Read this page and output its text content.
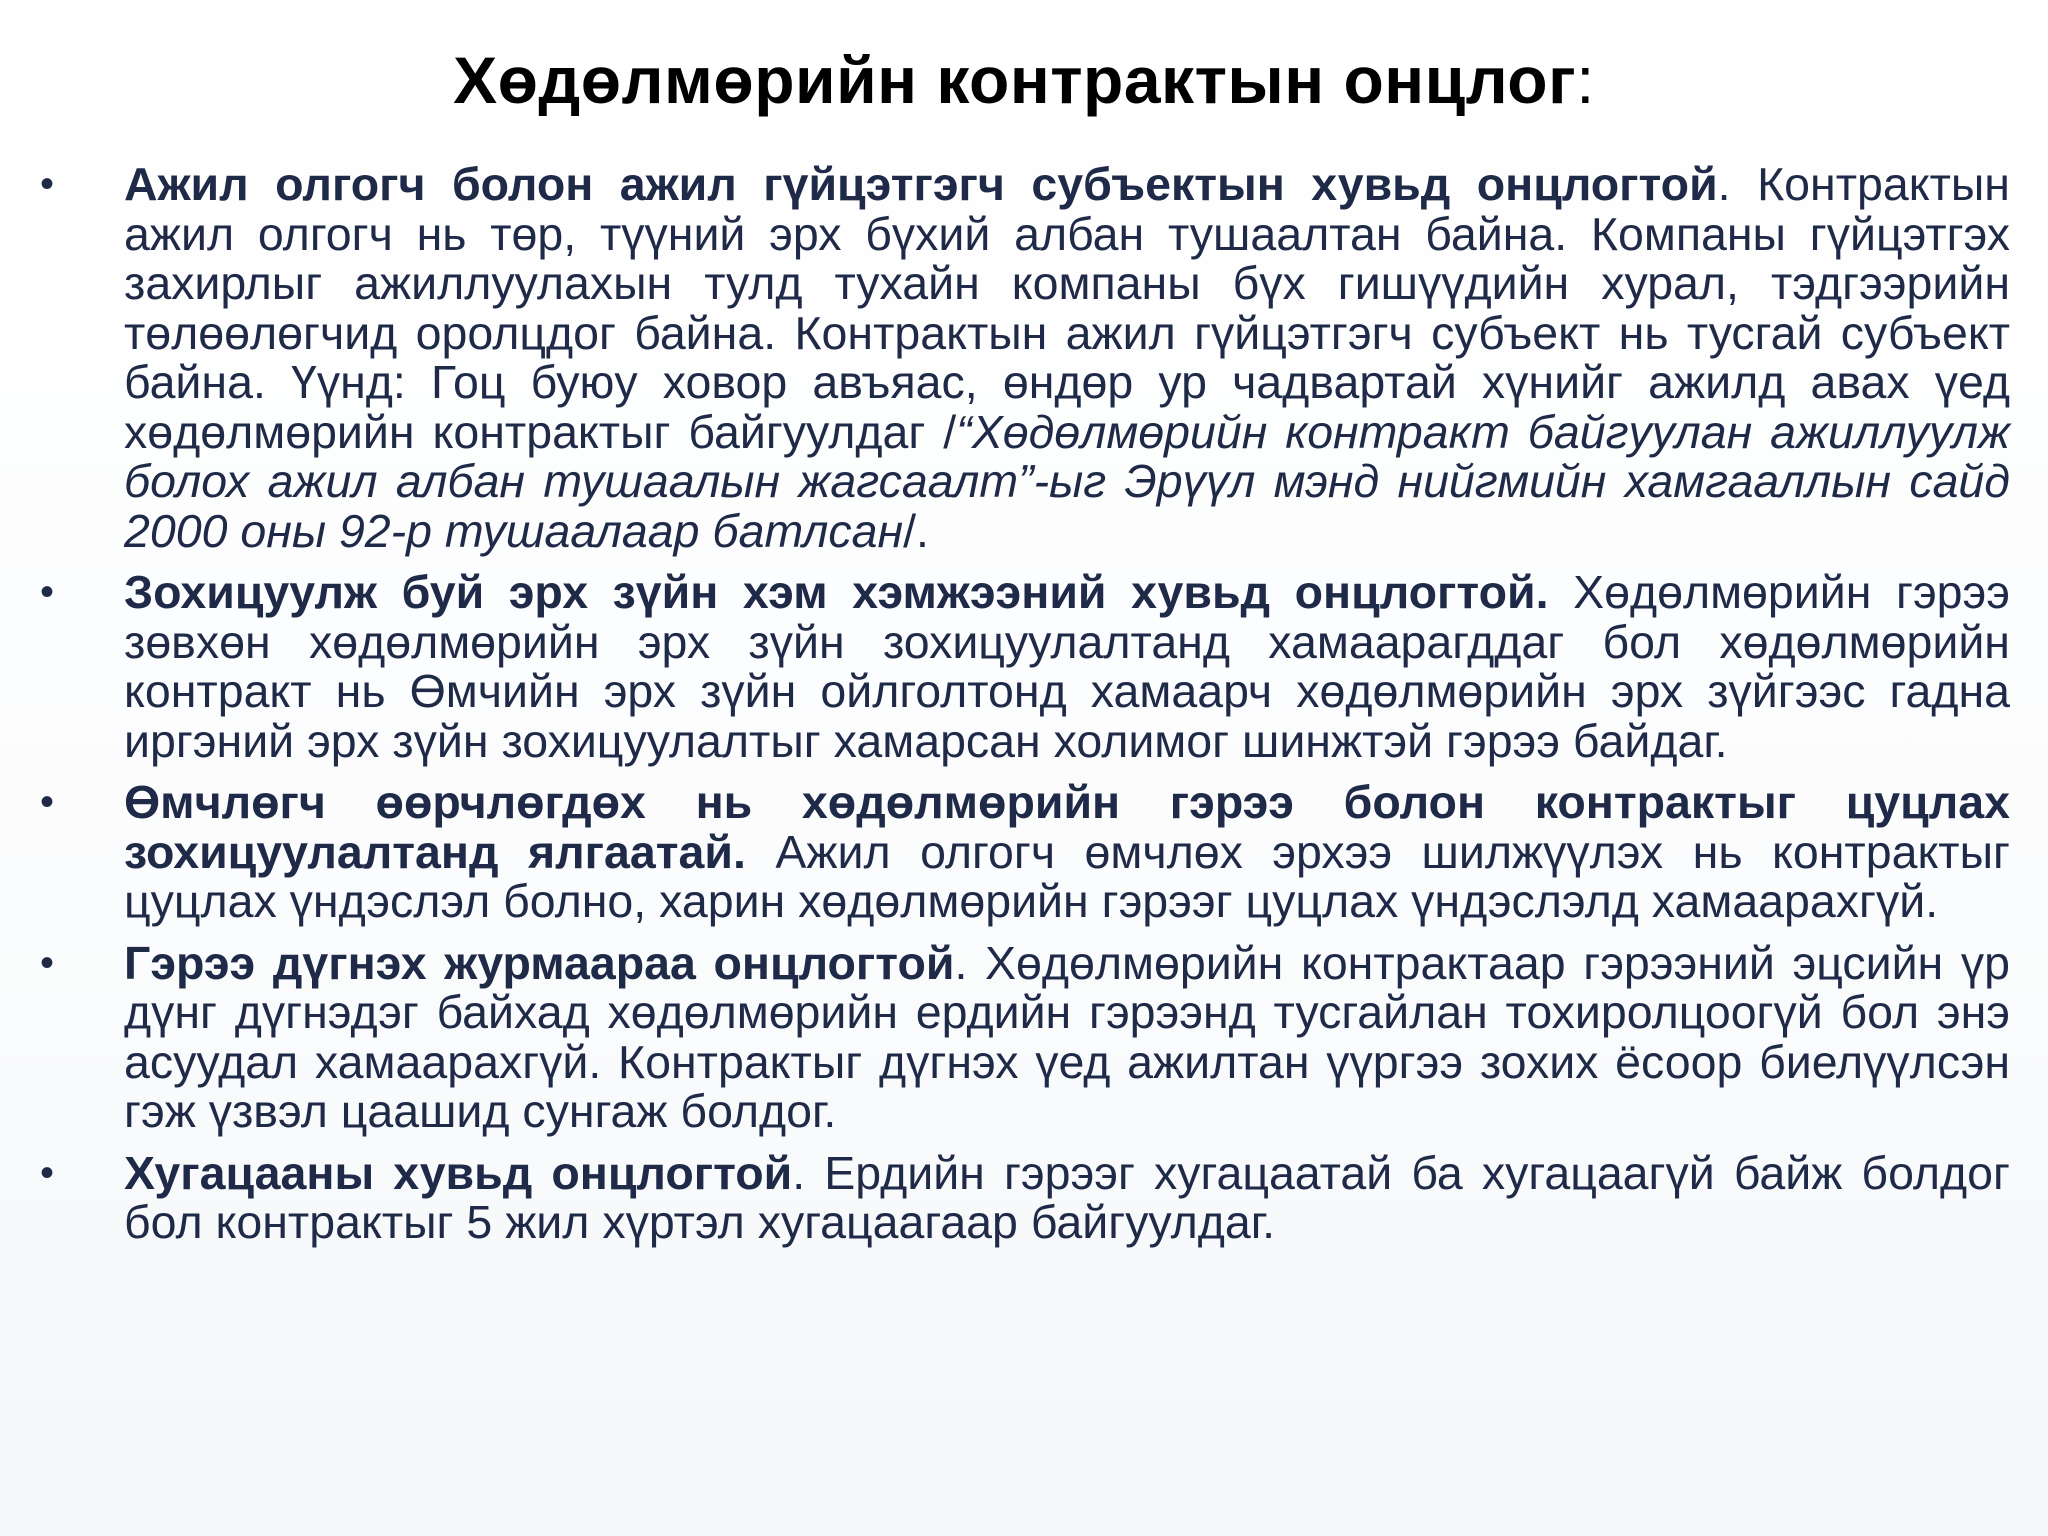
Хөдөлмөрийн контрактын онцлог:
•	Ажил олгогч болон ажил гүйцэтгэгч субъектын хувьд онцлогтой. Контрактын ажил олгогч нь төр, түүний эрх бүхий албан тушаалтан байна. Компаны гүйцэтгэх захирлыг ажиллуулахын тулд тухайн компаны бүх гишүүдийн хурал, тэдгээрийн төлөөлөгчид оролцдог байна. Контрактын ажил гүйцэтгэгч субъект нь тусгай субъект байна. Үүнд: Гоц буюу ховор авъяас, өндөр ур чадвартай хүнийг ажилд авах үед хөдөлмөрийн контрактыг байгуулдаг /“Хөдөлмөрийн контракт байгуулан ажиллуулж болох ажил албан тушаалын жагсаалт”-ыг Эрүүл мэнд нийгмийн хамгааллын сайд 2000 оны 92-р тушаалаар батлсан/.
•	Зохицуулж буй эрх зүйн хэм хэмжээний хувьд онцлогтой. Хөдөлмөрийн гэрээ зөвхөн хөдөлмөрийн эрх зүйн зохицуулалтанд хамаарагддаг бол хөдөлмөрийн контракт нь Өмчийн эрх зүйн ойлголтонд хамаарч хөдөлмөрийн эрх зүйгээс гадна иргэний эрх зүйн зохицуулалтыг хамарсан холимог шинжтэй гэрээ байдаг.
•	Өмчлөгч өөрчлөгдөх нь хөдөлмөрийн гэрээ болон контрактыг цуцлах зохицуулалтанд ялгаатай. Ажил олгогч өмчлөх эрхээ шилжүүлэх нь контрактыг цуцлах үндэслэл болно, харин хөдөлмөрийн гэрээг цуцлах үндэслэлд хамаарахгүй.
•	Гэрээ дүгнэх журмаараа онцлогтой. Хөдөлмөрийн контрактаар гэрээний эцсийн үр дүнг дүгнэдэг байхад хөдөлмөрийн ердийн гэрээнд тусгайлан тохиролцоогүй бол энэ асуудал хамаарахгүй. Контрактыг дүгнэх үед ажилтан үүргээ зохих ёсоор биелүүлсэн гэж үзвэл цаашид сунгаж болдог.
•	Хугацааны хувьд онцлогтой. Ердийн гэрээг хугацаатай ба хугацаагүй байж болдог бол контрактыг 5 жил хүртэл хугацаагаар байгуулдаг.
